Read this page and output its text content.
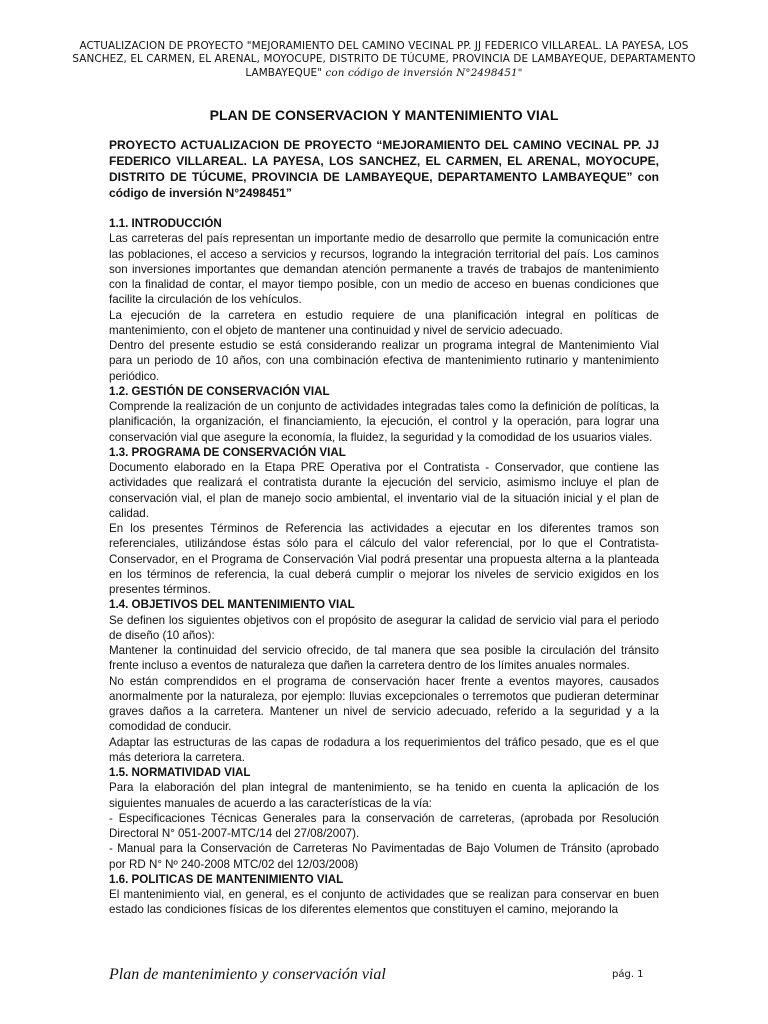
ACTUALIZACION DE PROYECTO "MEJORAMIENTO DEL CAMINO VECINAL PP. JJ FEDERICO VILLAREAL. LA PAYESA, LOS SANCHEZ, EL CARMEN, EL ARENAL, MOYOCUPE, DISTRITO DE TÚCUME, PROVINCIA DE LAMBAYEQUE, DEPARTAMENTO LAMBAYEQUE" con código de inversión N°2498451"
PLAN DE CONSERVACION Y MANTENIMIENTO VIAL

PROYECTO ACTUALIZACION DE PROYECTO “MEJORAMIENTO DEL CAMINO VECINAL PP. JJ FEDERICO VILLAREAL. LA PAYESA, LOS SANCHEZ, EL CARMEN, EL ARENAL, MOYOCUPE, DISTRITO DE TÚCUME, PROVINCIA DE LAMBAYEQUE, DEPARTAMENTO LAMBAYEQUE” con código de inversión N°2498451”

1.1. INTRODUCCIÓN

Las carreteras del país representan un importante medio de desarrollo que permite la comunicación entre las poblaciones, el acceso a servicios y recursos, logrando la integración territorial del país. Los caminos son inversiones importantes que demandan atención permanente a través de trabajos de mantenimiento con la finalidad de contar, el mayor tiempo posible, con un medio de acceso en buenas condiciones que facilite la circulación de los vehículos.

La ejecución de la carretera en estudio requiere de una planificación integral en políticas de mantenimiento, con el objeto de mantener una continuidad y nivel de servicio adecuado.

Dentro del presente estudio se está considerando realizar un programa integral de Mantenimiento Vial para un periodo de 10 años, con una combinación efectiva de mantenimiento rutinario y mantenimiento periódico.

1.2. GESTIÓN DE CONSERVACIÓN VIAL

Comprende la realización de un conjunto de actividades integradas tales como la definición de políticas, la planificación, la organización, el financiamiento, la ejecución, el control y la operación, para lograr una conservación vial que asegure la economía, la fluidez, la seguridad y la comodidad de los usuarios viales.

1.3. PROGRAMA DE CONSERVACIÓN VIAL

Documento elaborado en la Etapa PRE Operativa por el Contratista - Conservador, que contiene las actividades que realizará el contratista durante la ejecución del servicio, asimismo incluye el plan de conservación vial, el plan de manejo socio ambiental, el inventario vial de la situación inicial y el plan de calidad.

En los presentes Términos de Referencia las actividades a ejecutar en los diferentes tramos son referenciales, utilizándose éstas sólo para el cálculo del valor referencial, por lo que el Contratista-Conservador, en el Programa de Conservación Vial podrá presentar una propuesta alterna a la planteada en los términos de referencia, la cual deberá cumplir o mejorar los niveles de servicio exigidos en los presentes términos.

1.4. OBJETIVOS DEL MANTENIMIENTO VIAL

Se definen los siguientes objetivos con el propósito de asegurar la calidad de servicio vial para el periodo de diseño (10 años):

Mantener la continuidad del servicio ofrecido, de tal manera que sea posible la circulación del tránsito frente incluso a eventos de naturaleza que dañen la carretera dentro de los límites anuales normales.

No están comprendidos en el programa de conservación hacer frente a eventos mayores, causados anormalmente por la naturaleza, por ejemplo: lluvias excepcionales o terremotos que pudieran determinar graves daños a la carretera. Mantener un nivel de servicio adecuado, referido a la seguridad y a la comodidad de conducir.

Adaptar las estructuras de las capas de rodadura a los requerimientos del tráfico pesado, que es el que más deteriora la carretera.

1.5. NORMATIVIDAD VIAL

Para la elaboración del plan integral de mantenimiento, se ha tenido en cuenta la aplicación de los siguientes manuales de acuerdo a las características de la vía:

- Especificaciones Técnicas Generales para la conservación de carreteras, (aprobada por Resolución Directoral N° 051-2007-MTC/14 del 27/08/2007).

- Manual para la Conservación de Carreteras No Pavimentadas de Bajo Volumen de Tránsito (aprobado por RD N° Nº 240-2008 MTC/02 del 12/03/2008)

1.6. POLITICAS DE MANTENIMIENTO VIAL

El mantenimiento vial, en general, es el conjunto de actividades que se realizan para conservar en buen estado las condiciones físicas de los diferentes elementos que constituyen el camino, mejorando la

Plan de mantenimiento y conservación vial	pág. 1
